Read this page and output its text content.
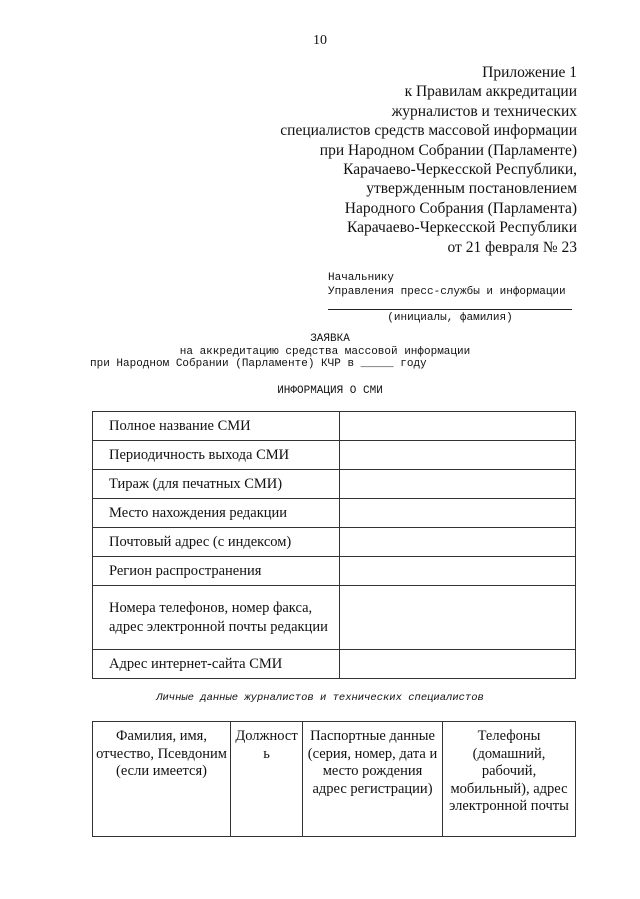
10
Приложение 1
к Правилам аккредитации
журналистов и технических
специалистов средств массовой информации
при Народном Собрании (Парламенте)
Карачаево-Черкесской Республики,
утвержденным постановлением
Народного Собрания (Парламента)
Карачаево-Черкесской Республики
от 21 февраля № 23
Начальнику
Управления пресс-службы и информации
(инициалы, фамилия)
ЗАЯВКА
на аккредитацию средства массовой информации
при Народном Собрании (Парламенте) КЧР в _____ году
ИНФОРМАЦИЯ О СМИ
Полное название СМИ	
Периодичность выхода СМИ	
Тираж (для печатных СМИ)	
Место нахождения редакции	
Почтовый адрес (с индексом)	
Регион распространения	
Номера телефонов, номер факса, адрес электронной почты редакции	
Адрес интернет-сайта СМИ	
Личные данные журналистов и технических специалистов
Фамилия, имя, отчество, Псевдоним (если имеется)	Должность	Паспортные данные (серия, номер, дата и место рождения адрес регистрации)	Телефоны (домашний, рабочий, мобильный), адрес электронной почты
